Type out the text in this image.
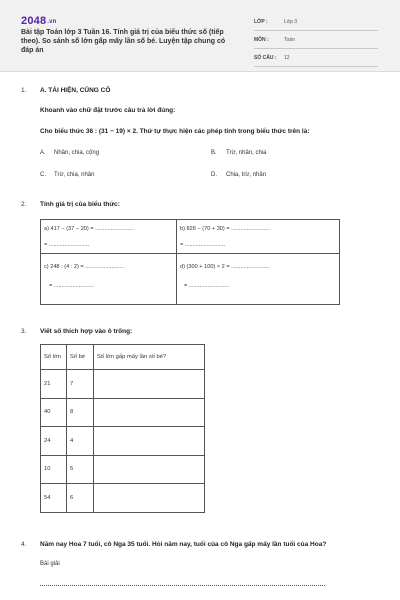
2048.vn
Bài tập Toán lớp 3 Tuần 16. Tính giá trị của biểu thức số (tiếp theo). So sánh số lớn gấp mấy lần số bé. Luyện tập chung có đáp án
LỚP :	Lớp 3
MÔN :	Toán
SỐ CÂU : 12
1. A. TÁI HIỆN, CỦNG CỐ
Khoanh vào chữ đặt trước câu trả lời đúng:
Cho biểu thức 36 : (31 − 19) × 2. Thứ tự thực hiện các phép tính trong biểu thức trên là:
A. Nhân, chia, cộng	B. Trừ, nhân, chia
C. Trừ, chia, nhân	D. Chia, trừ, nhân
2. Tính giá trị của biểu thức:
a) 417 − (37 − 20) = .........................
= ..........................
b) 826 − (70 + 30) = .........................
= ..........................
c) 248 : (4 : 2) = .........................
= ..........................
d) (300 + 100) × 2 = .........................
= ..........................
3. Viết số thích hợp vào ô trống:
Số lớn	Số bé	Số lớn gấp mấy lần số bé?
21	7	
40	8	
24	4	
10	5	
54	6	
4. Năm nay Hoa 7 tuổi, cô Nga 35 tuổi. Hỏi năm nay, tuổi của cô Nga gấp mấy lần tuổi của Hoa?
Bài giải
